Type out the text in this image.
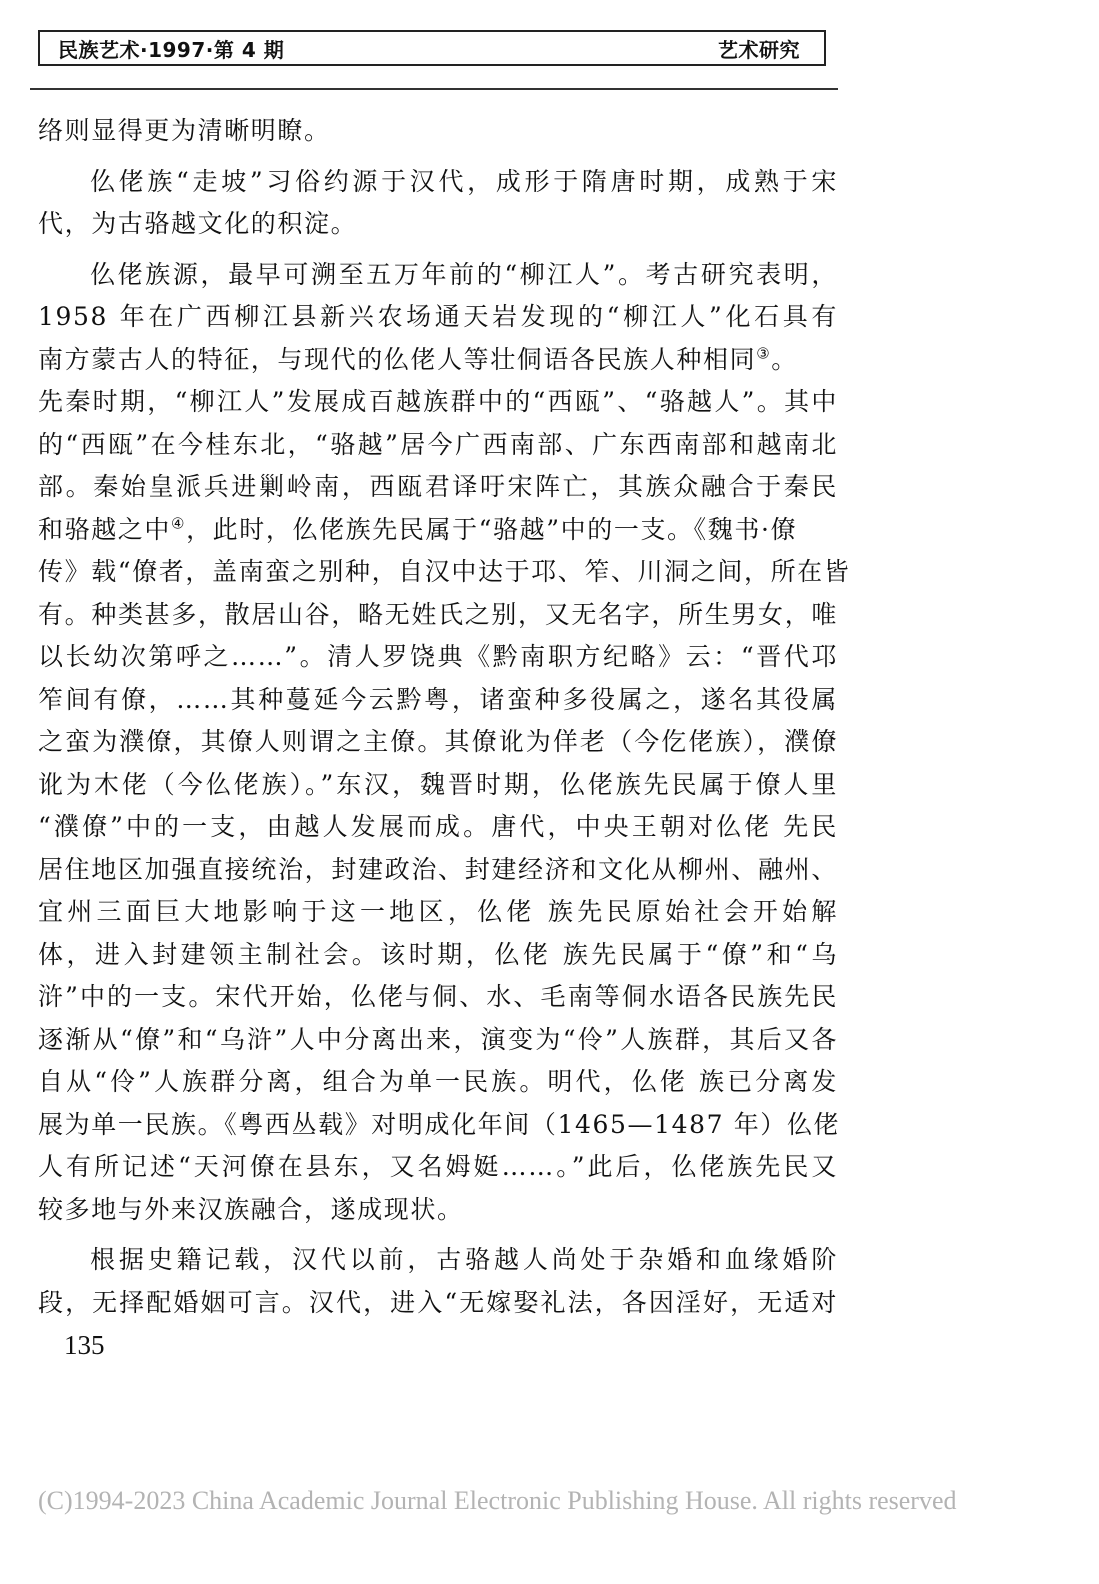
民族艺术·1997·第 4 期	艺术研究
络则显得更为清晰明瞭。
仫佬族“走坡”习俗约源于汉代，成形于隋唐时期，成熟于宋
代，为古骆越文化的积淀。
仫佬族源，最早可溯至五万年前的“柳江人”。考古研究表明，
1958 年在广西柳江县新兴农场通天岩发现的“柳江人”化石具有
南方蒙古人的特征，与现代的仫佬人等壮侗语各民族人种相同③。
先秦时期，“柳江人”发展成百越族群中的“西瓯”、“骆越人”。其中
的“西瓯”在今桂东北，“骆越”居今广西南部、广东西南部和越南北
部。秦始皇派兵进剿岭南，西瓯君译吁宋阵亡，其族众融合于秦民
和骆越之中④，此时，仫佬族先民属于“骆越”中的一支。《魏书·僚
传》载“僚者，盖南蛮之别种，自汉中达于邛、笮、川洞之间，所在皆
有。种类甚多，散居山谷，略无姓氏之别，又无名字，所生男女，唯
以长幼次第呼之……”。清人罗饶典《黔南职方纪略》云：“晋代邛
笮间有僚，……其种蔓延今云黔粤，诸蛮种多役属之，遂名其役属
之蛮为濮僚，其僚人则谓之主僚。其僚讹为佯老（今仡佬族），濮僚
讹为木佬（今仫佬族）。”东汉，魏晋时期，仫佬族先民属于僚人里
“濮僚”中的一支，由越人发展而成。唐代，中央王朝对仫佬 先民
居住地区加强直接统治，封建政治、封建经济和文化从柳州、融州、
宜州三面巨大地影响于这一地区，仫佬 族先民原始社会开始解
体，进入封建领主制社会。该时期，仫佬 族先民属于“僚”和“乌
浒”中的一支。宋代开始，仫佬与侗、水、毛南等侗水语各民族先民
逐渐从“僚”和“乌浒”人中分离出来，演变为“伶”人族群，其后又各
自从“伶”人族群分离，组合为单一民族。明代，仫佬 族已分离发
展为单一民族。《粤西丛载》对明成化年间（1465—1487 年）仫佬
人有所记述“天河僚在县东，又名姆娗……。”此后，仫佬族先民又
较多地与外来汉族融合，遂成现状。
根据史籍记载，汉代以前，古骆越人尚处于杂婚和血缘婚阶
段，无择配婚姻可言。汉代，进入“无嫁娶礼法，各因淫好，无适对
135
(C)1994-2023 China Academic Journal Electronic Publishing House. All rights reserved
